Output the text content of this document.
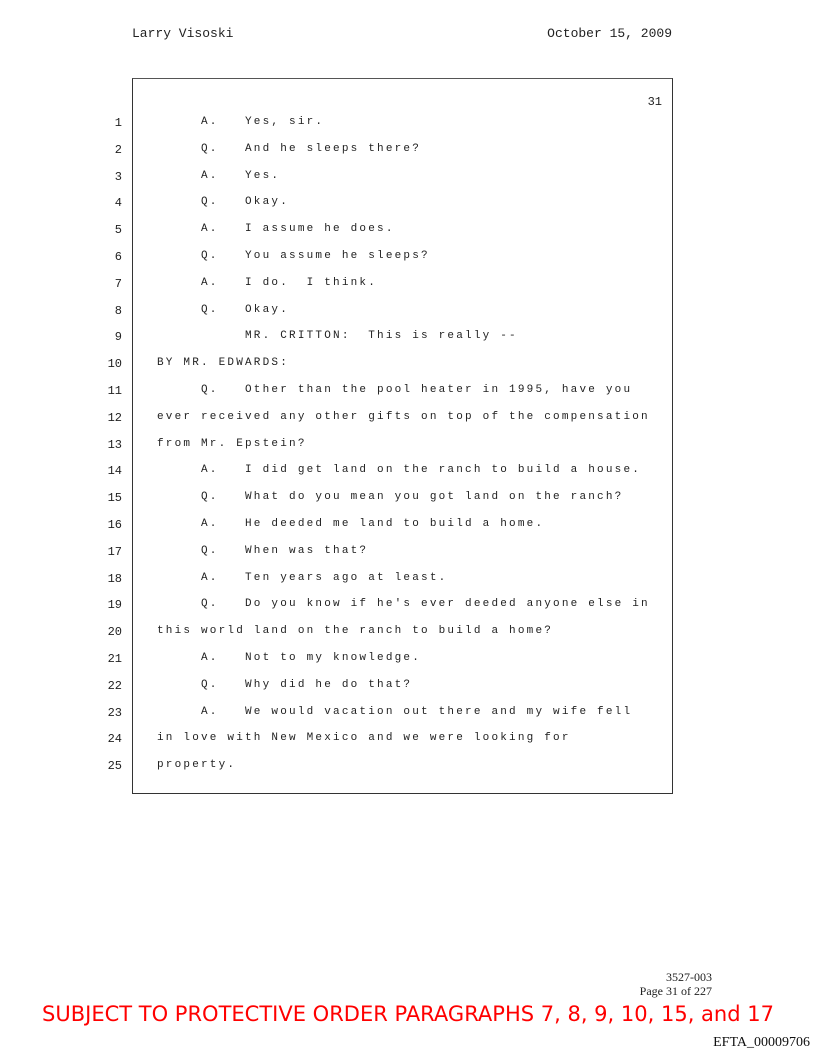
Larry Visoski	October 15, 2009
31
1	A.   Yes, sir.
2	Q.   And he sleeps there?
3	A.   Yes.
4	Q.   Okay.
5	A.   I assume he does.
6	Q.   You assume he sleeps?
7	A.   I do.  I think.
8	Q.   Okay.
9	MR. CRITTON:  This is really --
10	BY MR. EDWARDS:
11	Q.   Other than the pool heater in 1995, have you
12	ever received any other gifts on top of the compensation
13	from Mr. Epstein?
14	A.   I did get land on the ranch to build a house.
15	Q.   What do you mean you got land on the ranch?
16	A.   He deeded me land to build a home.
17	Q.   When was that?
18	A.   Ten years ago at least.
19	Q.   Do you know if he's ever deeded anyone else in
20	this world land on the ranch to build a home?
21	A.   Not to my knowledge.
22	Q.   Why did he do that?
23	A.   We would vacation out there and my wife fell
24	in love with New Mexico and we were looking for
25	property.
3527-003
Page 31 of 227
SUBJECT TO PROTECTIVE ORDER PARAGRAPHS 7, 8, 9, 10, 15, and 17
EFTA_00009706
